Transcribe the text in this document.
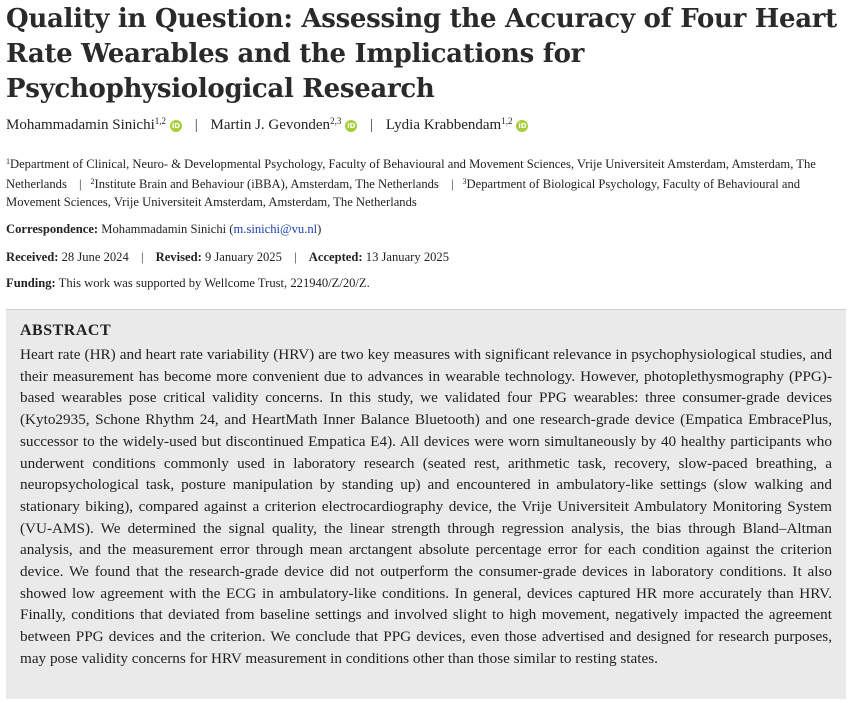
Quality in Question: Assessing the Accuracy of Four Heart Rate Wearables and the Implications for Psychophysiological Research
Mohammadamin Sinichi$^{1,2}$ iD | Martin J. Gevonden$^{2,3}$ iD | Lydia Krabbendam$^{1,2}$ iD
$^1$Department of Clinical, Neuro- & Developmental Psychology, Faculty of Behavioural and Movement Sciences, Vrije Universiteit Amsterdam, Amsterdam, The Netherlands | $^2$Institute Brain and Behaviour (iBBA), Amsterdam, The Netherlands | $^3$Department of Biological Psychology, Faculty of Behavioural and Movement Sciences, Vrije Universiteit Amsterdam, Amsterdam, The Netherlands
Correspondence: Mohammadamin Sinichi (m.sinichi@vu.nl)
Received: 28 June 2024 | Revised: 9 January 2025 | Accepted: 13 January 2025
Funding: This work was supported by Wellcome Trust, 221940/Z/20/Z.
ABSTRACT

Heart rate (HR) and heart rate variability (HRV) are two key measures with significant relevance in psychophysiological studies, and their measurement has become more convenient due to advances in wearable technology. However, photoplethysmography (PPG)-based wearables pose critical validity concerns. In this study, we validated four PPG wearables: three consumer-grade devices (Kyto2935, Schone Rhythm 24, and HeartMath Inner Balance Bluetooth) and one research-grade device (Empatica EmbracePlus, successor to the widely-used but discontinued Empatica E4). All devices were worn simultaneously by 40 healthy participants who underwent conditions commonly used in laboratory research (seated rest, arithmetic task, recovery, slow-paced breathing, a neuropsychological task, posture manipulation by standing up) and encountered in ambulatory-like settings (slow walking and stationary biking), compared against a criterion electrocardiography device, the Vrije Universiteit Ambulatory Monitoring System (VU-AMS). We determined the signal quality, the linear strength through regression analysis, the bias through Bland–Altman analysis, and the measurement error through mean arctangent absolute percentage error for each condition against the criterion device. We found that the research-grade device did not outperform the consumer-grade devices in laboratory conditions. It also showed low agreement with the ECG in ambulatory-like conditions. In general, devices captured HR more accurately than HRV. Finally, conditions that deviated from baseline settings and involved slight to high movement, negatively impacted the agreement between PPG devices and the criterion. We conclude that PPG devices, even those advertised and designed for research purposes, may pose validity concerns for HRV measurement in conditions other than those similar to resting states.
